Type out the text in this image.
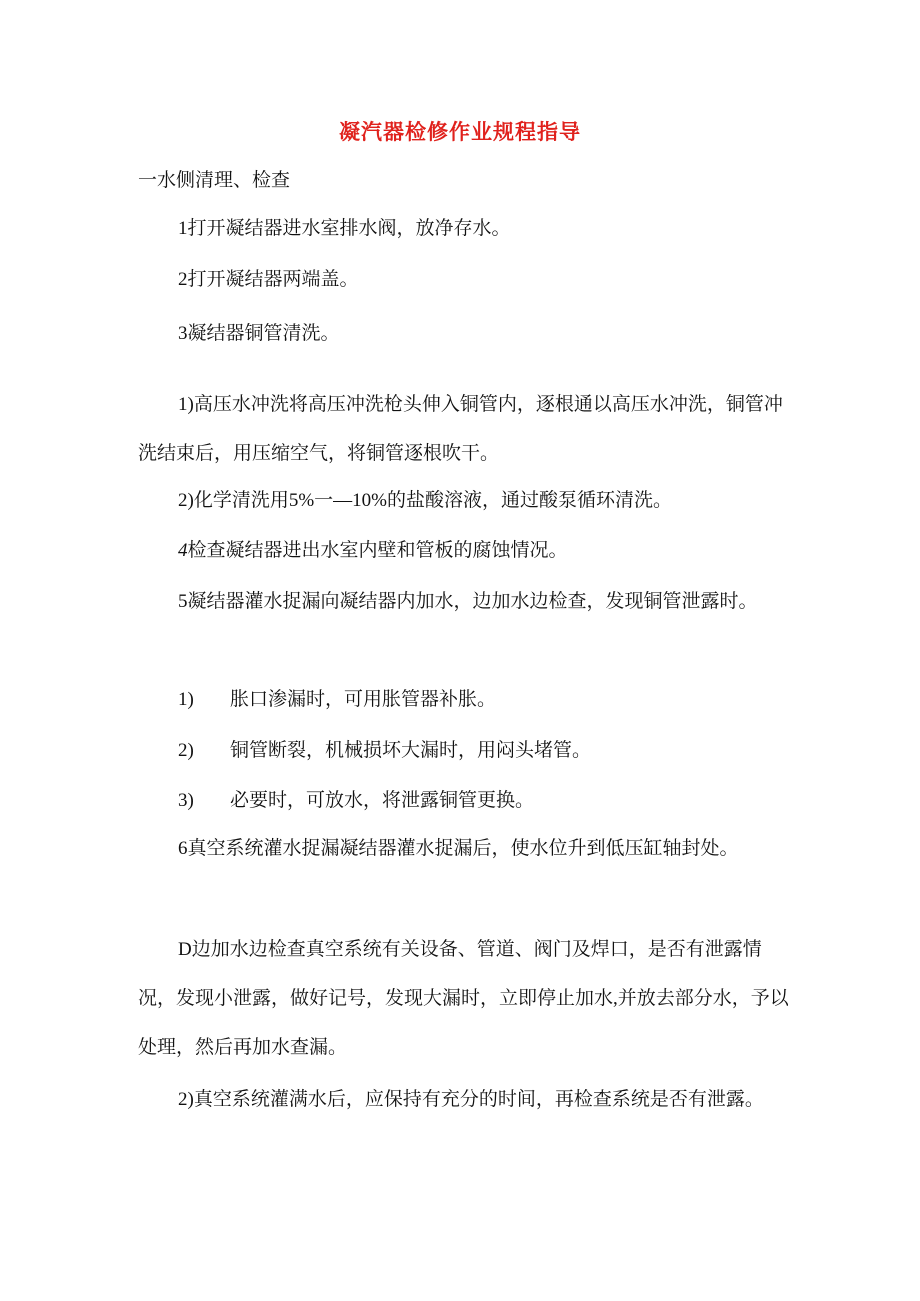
凝汽器检修作业规程指导
一水侧清理、检查
1打开凝结器进水室排水阀，放净存水。
2打开凝结器两端盖。
3凝结器铜管清洗。
1)高压水冲洗将高压冲洗枪头伸入铜管内，逐根通以高压水冲洗，铜管冲洗结束后，用压缩空气，将铜管逐根吹干。
2)化学清洗用5%一—10%的盐酸溶液，通过酸泵循环清洗。
4检查凝结器进出水室内壁和管板的腐蚀情况。
5凝结器灌水捉漏向凝结器内加水，边加水边检查，发现铜管泄露时。
1) 胀口渗漏时，可用胀管器补胀。
2) 铜管断裂，机械损坏大漏时，用闷头堵管。
3) 必要时，可放水，将泄露铜管更换。
6真空系统灌水捉漏凝结器灌水捉漏后，使水位升到低压缸轴封处。
D边加水边检查真空系统有关设备、管道、阀门及焊口，是否有泄露情况，发现小泄露，做好记号，发现大漏时，立即停止加水,并放去部分水，予以处理，然后再加水查漏。
2)真空系统灌满水后，应保持有充分的时间，再检查系统是否有泄露。
